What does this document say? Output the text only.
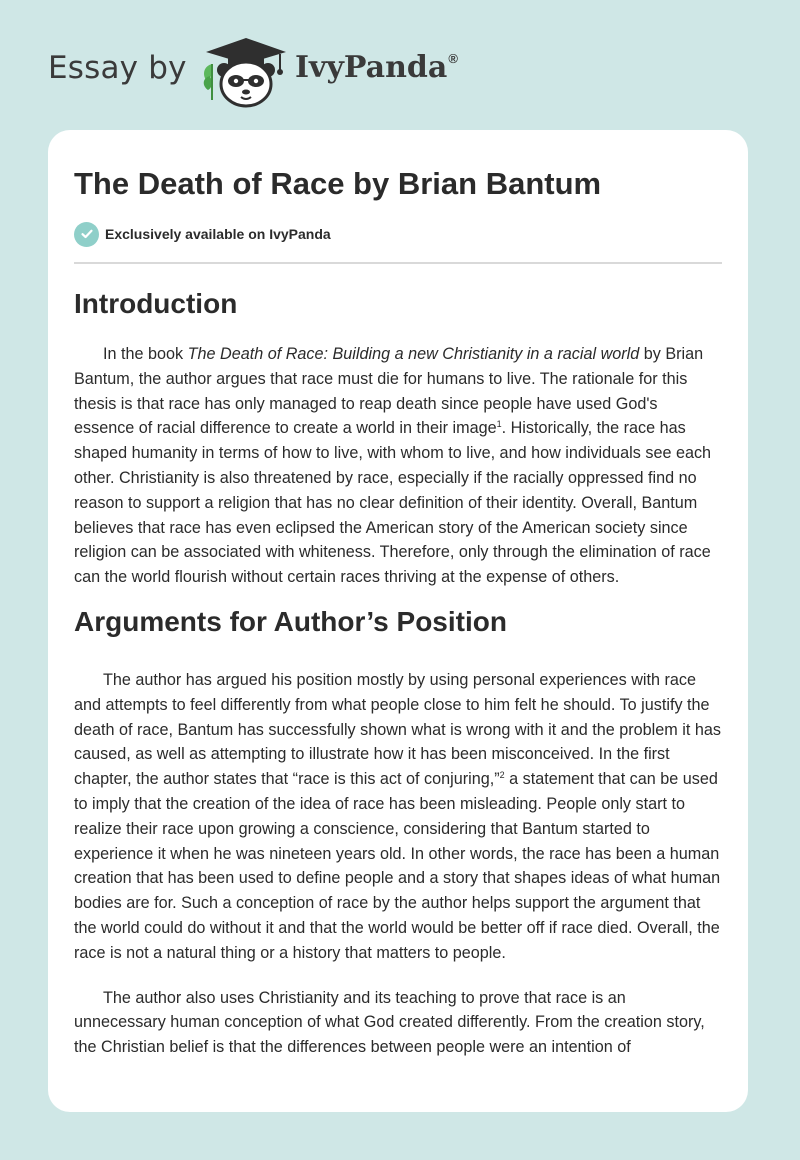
Essay by	IvyPanda®
The Death of Race by Brian Bantum
Exclusively available on IvyPanda
Introduction

In the book The Death of Race: Building a new Christianity in a racial world by Brian Bantum, the author argues that race must die for humans to live. The rationale for this thesis is that race has only managed to reap death since people have used God's essence of racial difference to create a world in their image$^1$. Historically, the race has shaped humanity in terms of how to live, with whom to live, and how individuals see each other. Christianity is also threatened by race, especially if the racially oppressed find no reason to support a religion that has no clear definition of their identity. Overall, Bantum believes that race has even eclipsed the American story of the American society since religion can be associated with whiteness. Therefore, only through the elimination of race can the world flourish without certain races thriving at the expense of others.

Arguments for Author’s Position

The author has argued his position mostly by using personal experiences with race and attempts to feel differently from what people close to him felt he should. To justify the death of race, Bantum has successfully shown what is wrong with it and the problem it has caused, as well as attempting to illustrate how it has been misconceived. In the first chapter, the author states that “race is this act of conjuring,”$^2$ a statement that can be used to imply that the creation of the idea of race has been misleading. People only start to realize their race upon growing a conscience, considering that Bantum started to experience it when he was nineteen years old. In other words, the race has been a human creation that has been used to define people and a story that shapes ideas of what human bodies are for. Such a conception of race by the author helps support the argument that the world could do without it and that the world would be better off if race died. Overall, the race is not a natural thing or a history that matters to people.

The author also uses Christianity and its teaching to prove that race is an unnecessary human conception of what God created differently. From the creation story, the Christian belief is that the differences between people were an intention of
